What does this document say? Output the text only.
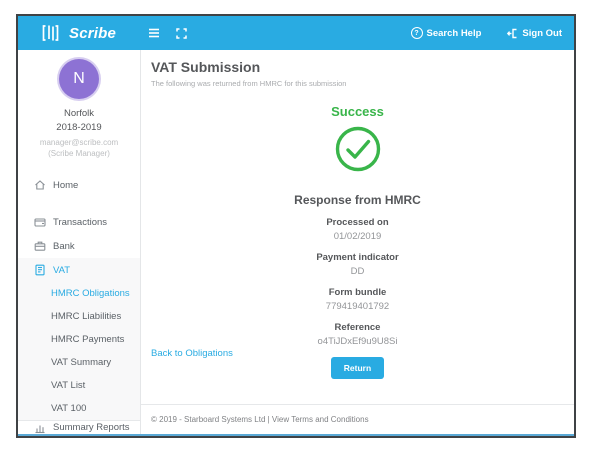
Scribe	? Search Help	Sign Out
N
Norfolk
2018-2019
manager@scribe.com
(Scribe Manager)
Home
Transactions
Bank
VAT
HMRC Obligations
HMRC Liabilities
HMRC Payments
VAT Summary
VAT List
VAT 100
Summary Reports
VAT Submission
The following was returned from HMRC for this submission
Success
Response from HMRC
Processed on
01/02/2019
Payment indicator
DD
Form bundle
779419401792
Reference
o4TiJDxEf9u9U8Si
Return
Back to Obligations
© 2019 - Starboard Systems Ltd | View Terms and Conditions
